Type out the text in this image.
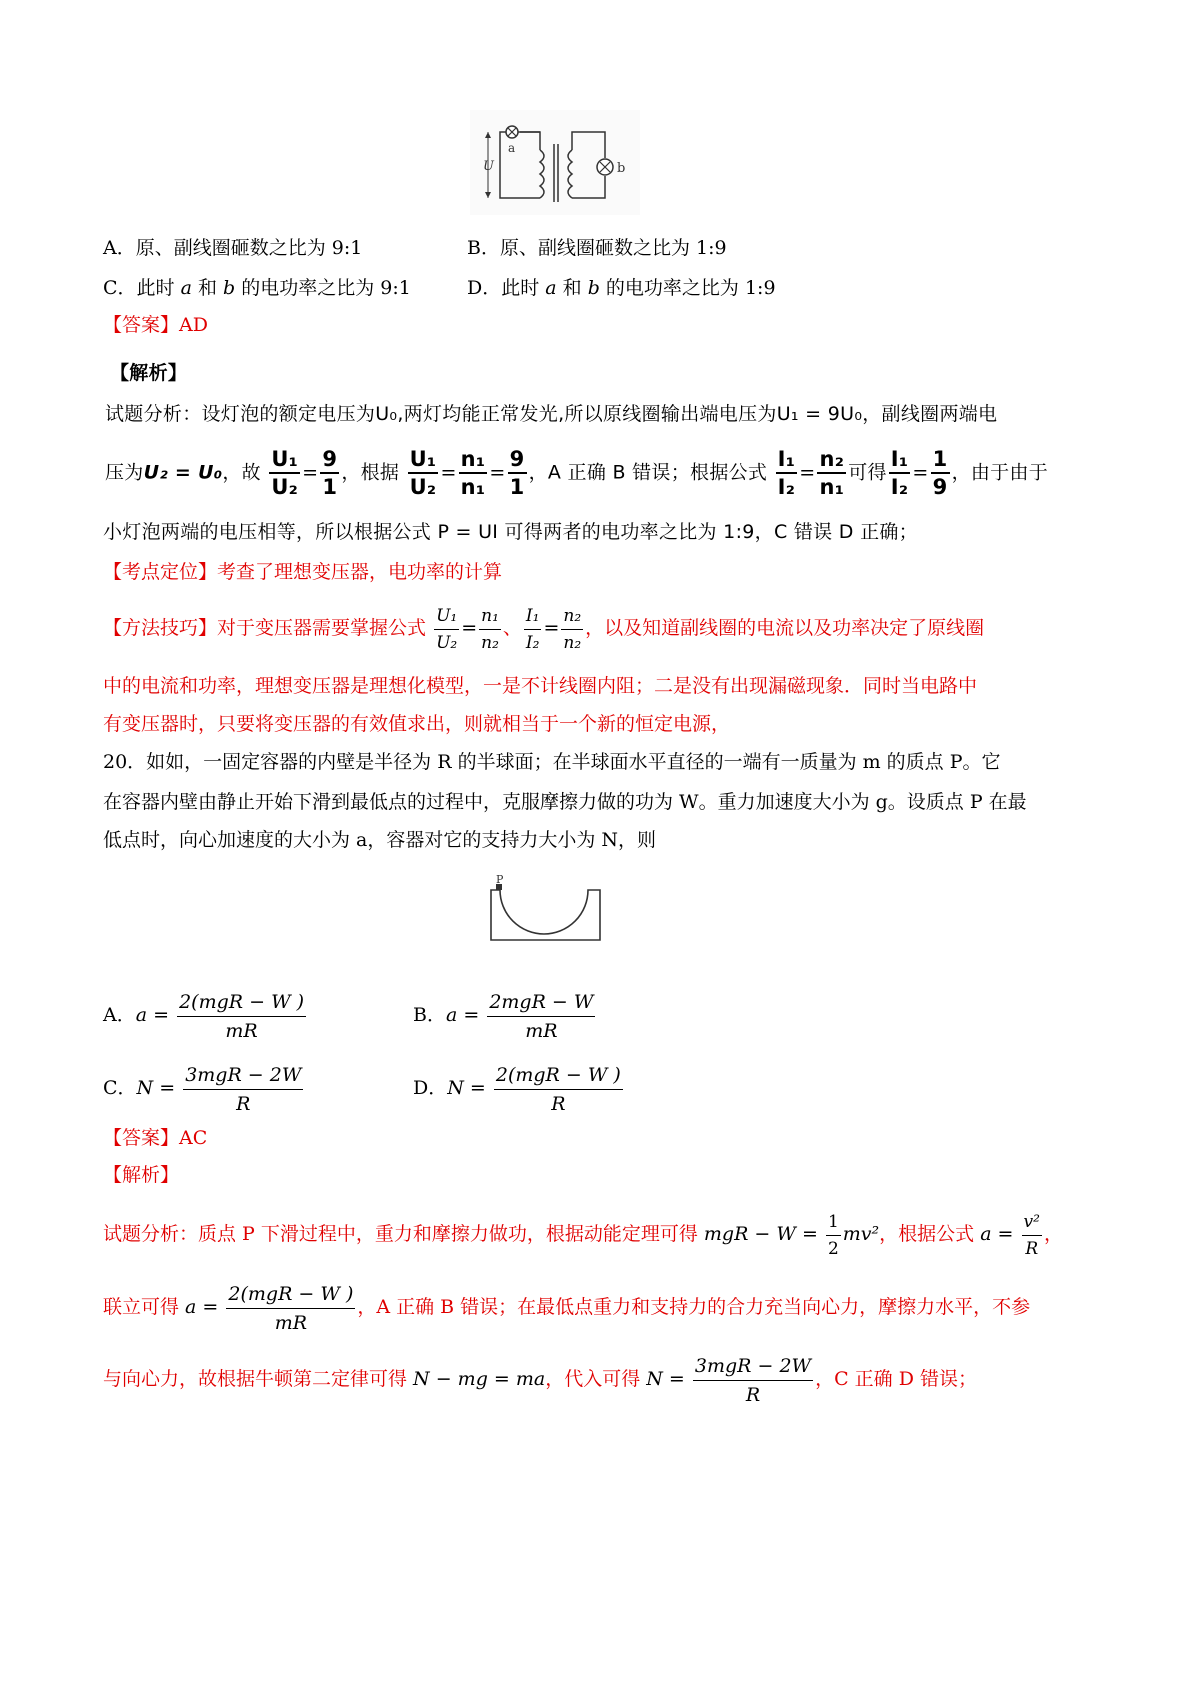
U
a
b
A．原、副线圈砸数之比为 9:1	B．原、副线圈砸数之比为 1:9
C．此时 a 和 b 的电功率之比为 9:1	D．此时 a 和 b 的电功率之比为 1:9
【答案】AD
【解析】
试题分析：设灯泡的额定电压为U₀,两灯均能正常发光,所以原线圈输出端电压为U₁ = 9U₀，副线圈两端电
压为U₂ = U₀，故 $\frac{\text{U₁}}{\text{U₂}} = \frac{9}{1}$ ，根据 $\frac{\text{U₁}}{\text{U₂}} = \frac{\text{n₁}}{\text{n₁}} = \frac{9}{1}$ ，A 正确 B 错误；根据公式 $\frac{\text{I₁}}{\text{I₂}} = \frac{\text{n₂}}{\text{n₁}}$ 可得 $\frac{\text{I₁}}{\text{I₂}} = \frac{1}{9}$ ，由于由于
小灯泡两端的电压相等，所以根据公式 P = UI 可得两者的电功率之比为 1:9，C 错误 D 正确；
【考点定位】考查了理想变压器，电功率的计算
【方法技巧】对于变压器需要掌握公式 $\frac{\text{U₁}}{\text{U₂}} = \frac{\text{n₁}}{\text{n₂}}$ 、 $\frac{\text{I₁}}{\text{I₂}} = \frac{\text{n₂}}{\text{n₂}}$ ，以及知道副线圈的电流以及功率决定了原线圈
中的电流和功率，理想变压器是理想化模型，一是不计线圈内阻；二是没有出现漏磁现象．同时当电路中
有变压器时，只要将变压器的有效值求出，则就相当于一个新的恒定电源，
20．如如，一固定容器的内壁是半径为 R 的半球面；在半球面水平直径的一端有一质量为 m 的质点 P。它
在容器内壁由静止开始下滑到最低点的过程中，克服摩擦力做的功为 W。重力加速度大小为 g。设质点 P 在最
低点时，向心加速度的大小为 a，容器对它的支持力大小为 N，则
P
A．$a = \frac{\text{2(mgR − W )}}{mR}$	B．$a = \frac{\text{2mgR − W}}{mR}$
C．$N = \frac{\text{3mgR − 2W}}{R}$	D．$N = \frac{\text{2(mgR − W )}}{R}$
【答案】AC
【解析】
试题分析：质点 P 下滑过程中，重力和摩擦力做功，根据动能定理可得 mgR − $W = \frac{1}{2} mv^2$，根据公式 $a = \frac{\text{v²}}{R}$ ，
联立可得 $a = \frac{\text{2(mgR − W )}}{mR}$ ，A 正确 B 错误；在最低点重力和支持力的合力充当向心力，摩擦力水平，不参
与向心力，故根据牛顿第二定律可得 N − mg = ma，代入可得 $N = \frac{\text{3mgR − 2W}}{R}$ ，C 正确 D 错误；
